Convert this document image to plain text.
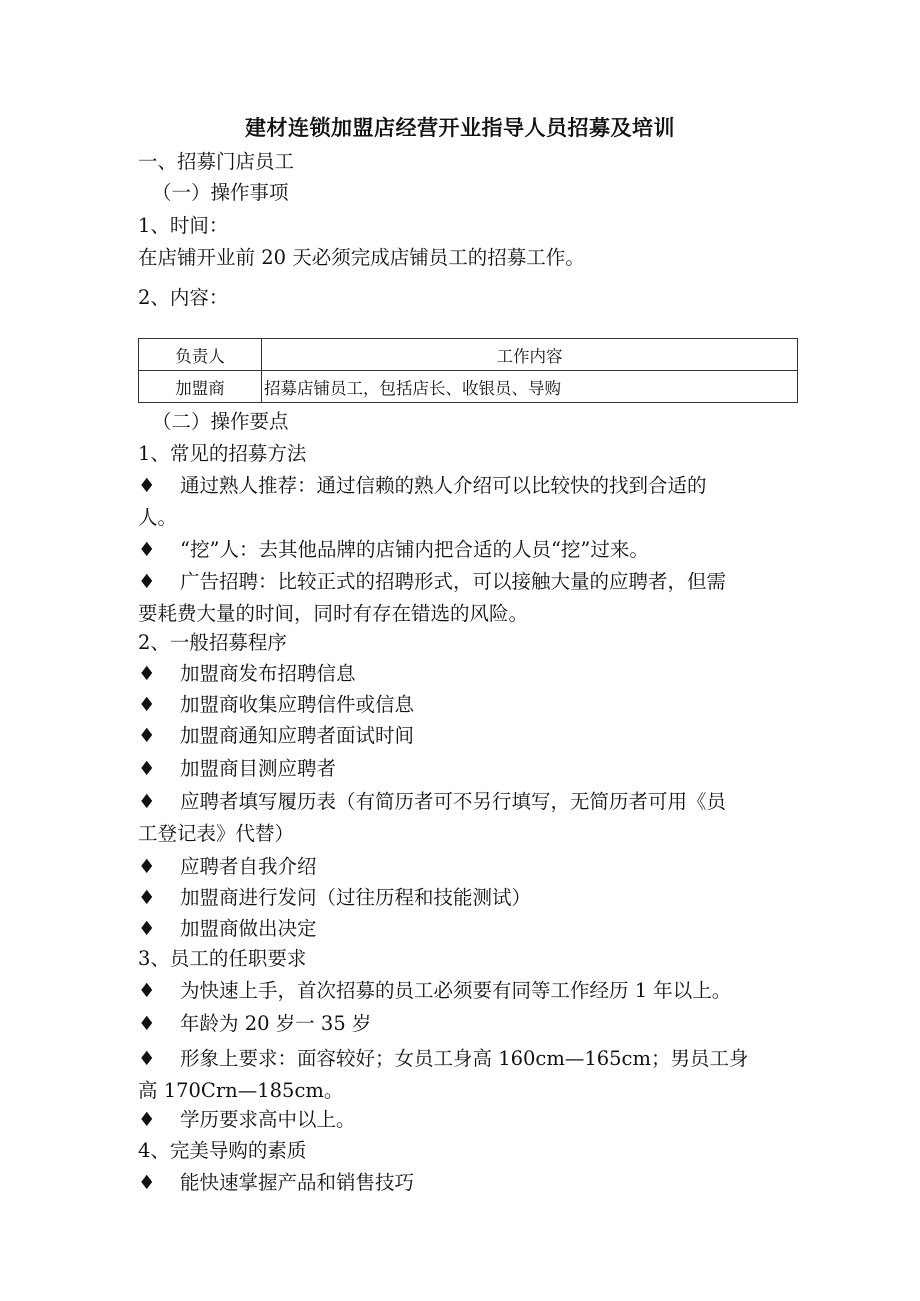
建材连锁加盟店经营开业指导人员招募及培训
一、招募门店员工
（一）操作事项
1、时间：
在店铺开业前 20 天必须完成店铺员工的招募工作。
2、内容：
负责人	工作内容
加盟商	招募店铺员工，包括店长、收银员、导购
（二）操作要点
1、常见的招募方法
♦	通过熟人推荐：通过信赖的熟人介绍可以比较快的找到合适的
人。
♦	“挖”人：去其他品牌的店铺内把合适的人员“挖”过来。
♦	广告招聘：比较正式的招聘形式，可以接触大量的应聘者，但需
要耗费大量的时间，同时有存在错选的风险。
2、一般招募程序
♦	加盟商发布招聘信息
♦	加盟商收集应聘信件或信息
♦	加盟商通知应聘者面试时间
♦	加盟商目测应聘者
♦	应聘者填写履历表（有简历者可不另行填写，无简历者可用《员
工登记表》代替）
♦	应聘者自我介绍
♦	加盟商进行发问（过往历程和技能测试）
♦	加盟商做出决定
3、员工的任职要求
♦	为快速上手，首次招募的员工必须要有同等工作经历 1 年以上。
♦	年龄为 20 岁一 35 岁
♦	形象上要求：面容较好；女员工身高 160cm—165cm；男员工身
高 170Crn—185cm。
♦	学历要求高中以上。
4、完美导购的素质
♦	能快速掌握产品和销售技巧
